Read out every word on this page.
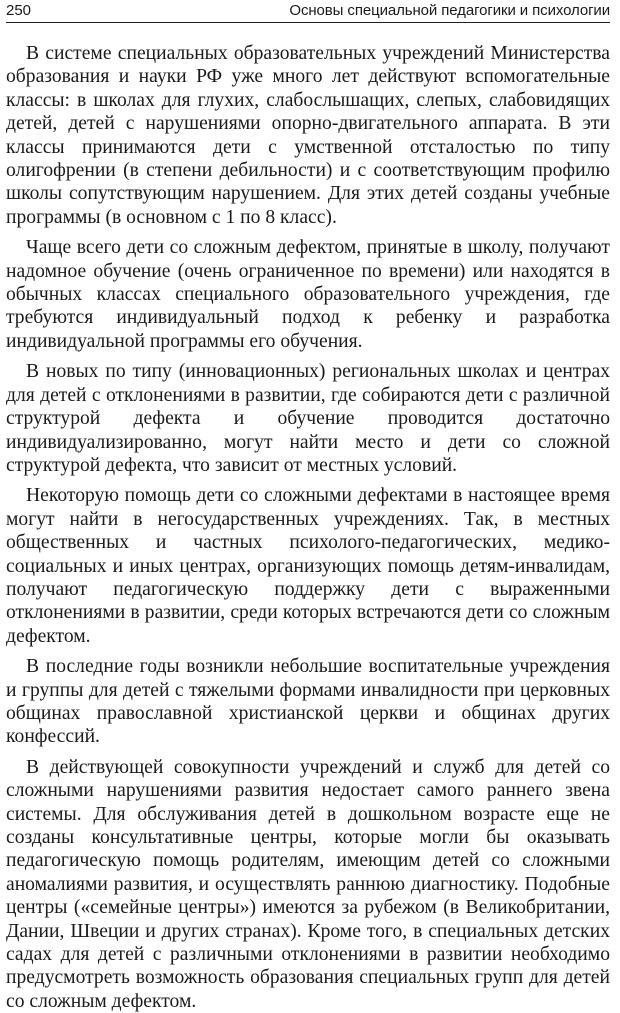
250	Основы специальной педагогики и психологии

В системе специальных образовательных учреждений Министерства образования и науки РФ уже много лет действуют вспомогательные классы: в школах для глухих, слабослышащих, слепых, слабовидящих детей, детей с нарушениями опорно-двигательного аппарата. В эти классы принимаются дети с умственной отсталостью по типу олигофрении (в степени дебильности) и с соответствующим профилю школы сопутствующим нарушением. Для этих детей созданы учебные программы (в основном с 1 по 8 класс).

Чаще всего дети со сложным дефектом, принятые в школу, получают надомное обучение (очень ограниченное по времени) или находятся в обычных классах специального образовательного учреждения, где требуются индивидуальный подход к ребенку и разработка индивидуальной программы его обучения.

В новых по типу (инновационных) региональных школах и центрах для детей с отклонениями в развитии, где собираются дети с различной структурой дефекта и обучение проводится достаточно индивидуализированно, могут найти место и дети со сложной структурой дефекта, что зависит от местных условий.

Некоторую помощь дети со сложными дефектами в настоящее время могут найти в негосударственных учреждениях. Так, в местных общественных и частных психолого-педагогических, медико-социальных и иных центрах, организующих помощь детям-инвалидам, получают педагогическую поддержку дети с выраженными отклонениями в развитии, среди которых встречаются дети со сложным дефектом.

В последние годы возникли небольшие воспитательные учреждения и группы для детей с тяжелыми формами инвалидности при церковных общинах православной христианской церкви и общинах других конфессий.

В действующей совокупности учреждений и служб для детей со сложными нарушениями развития недостает самого раннего звена системы. Для обслуживания детей в дошкольном возрасте еще не созданы консультативные центры, которые могли бы оказывать педагогическую помощь родителям, имеющим детей со сложными аномалиями развития, и осуществлять раннюю диагностику. Подобные центры («семейные центры») имеются за рубежом (в Великобритании, Дании, Швеции и других странах). Кроме того, в специальных детских садах для детей с различными отклонениями в развитии необходимо предусмотреть возможность образования специальных групп для детей со сложным дефектом.
